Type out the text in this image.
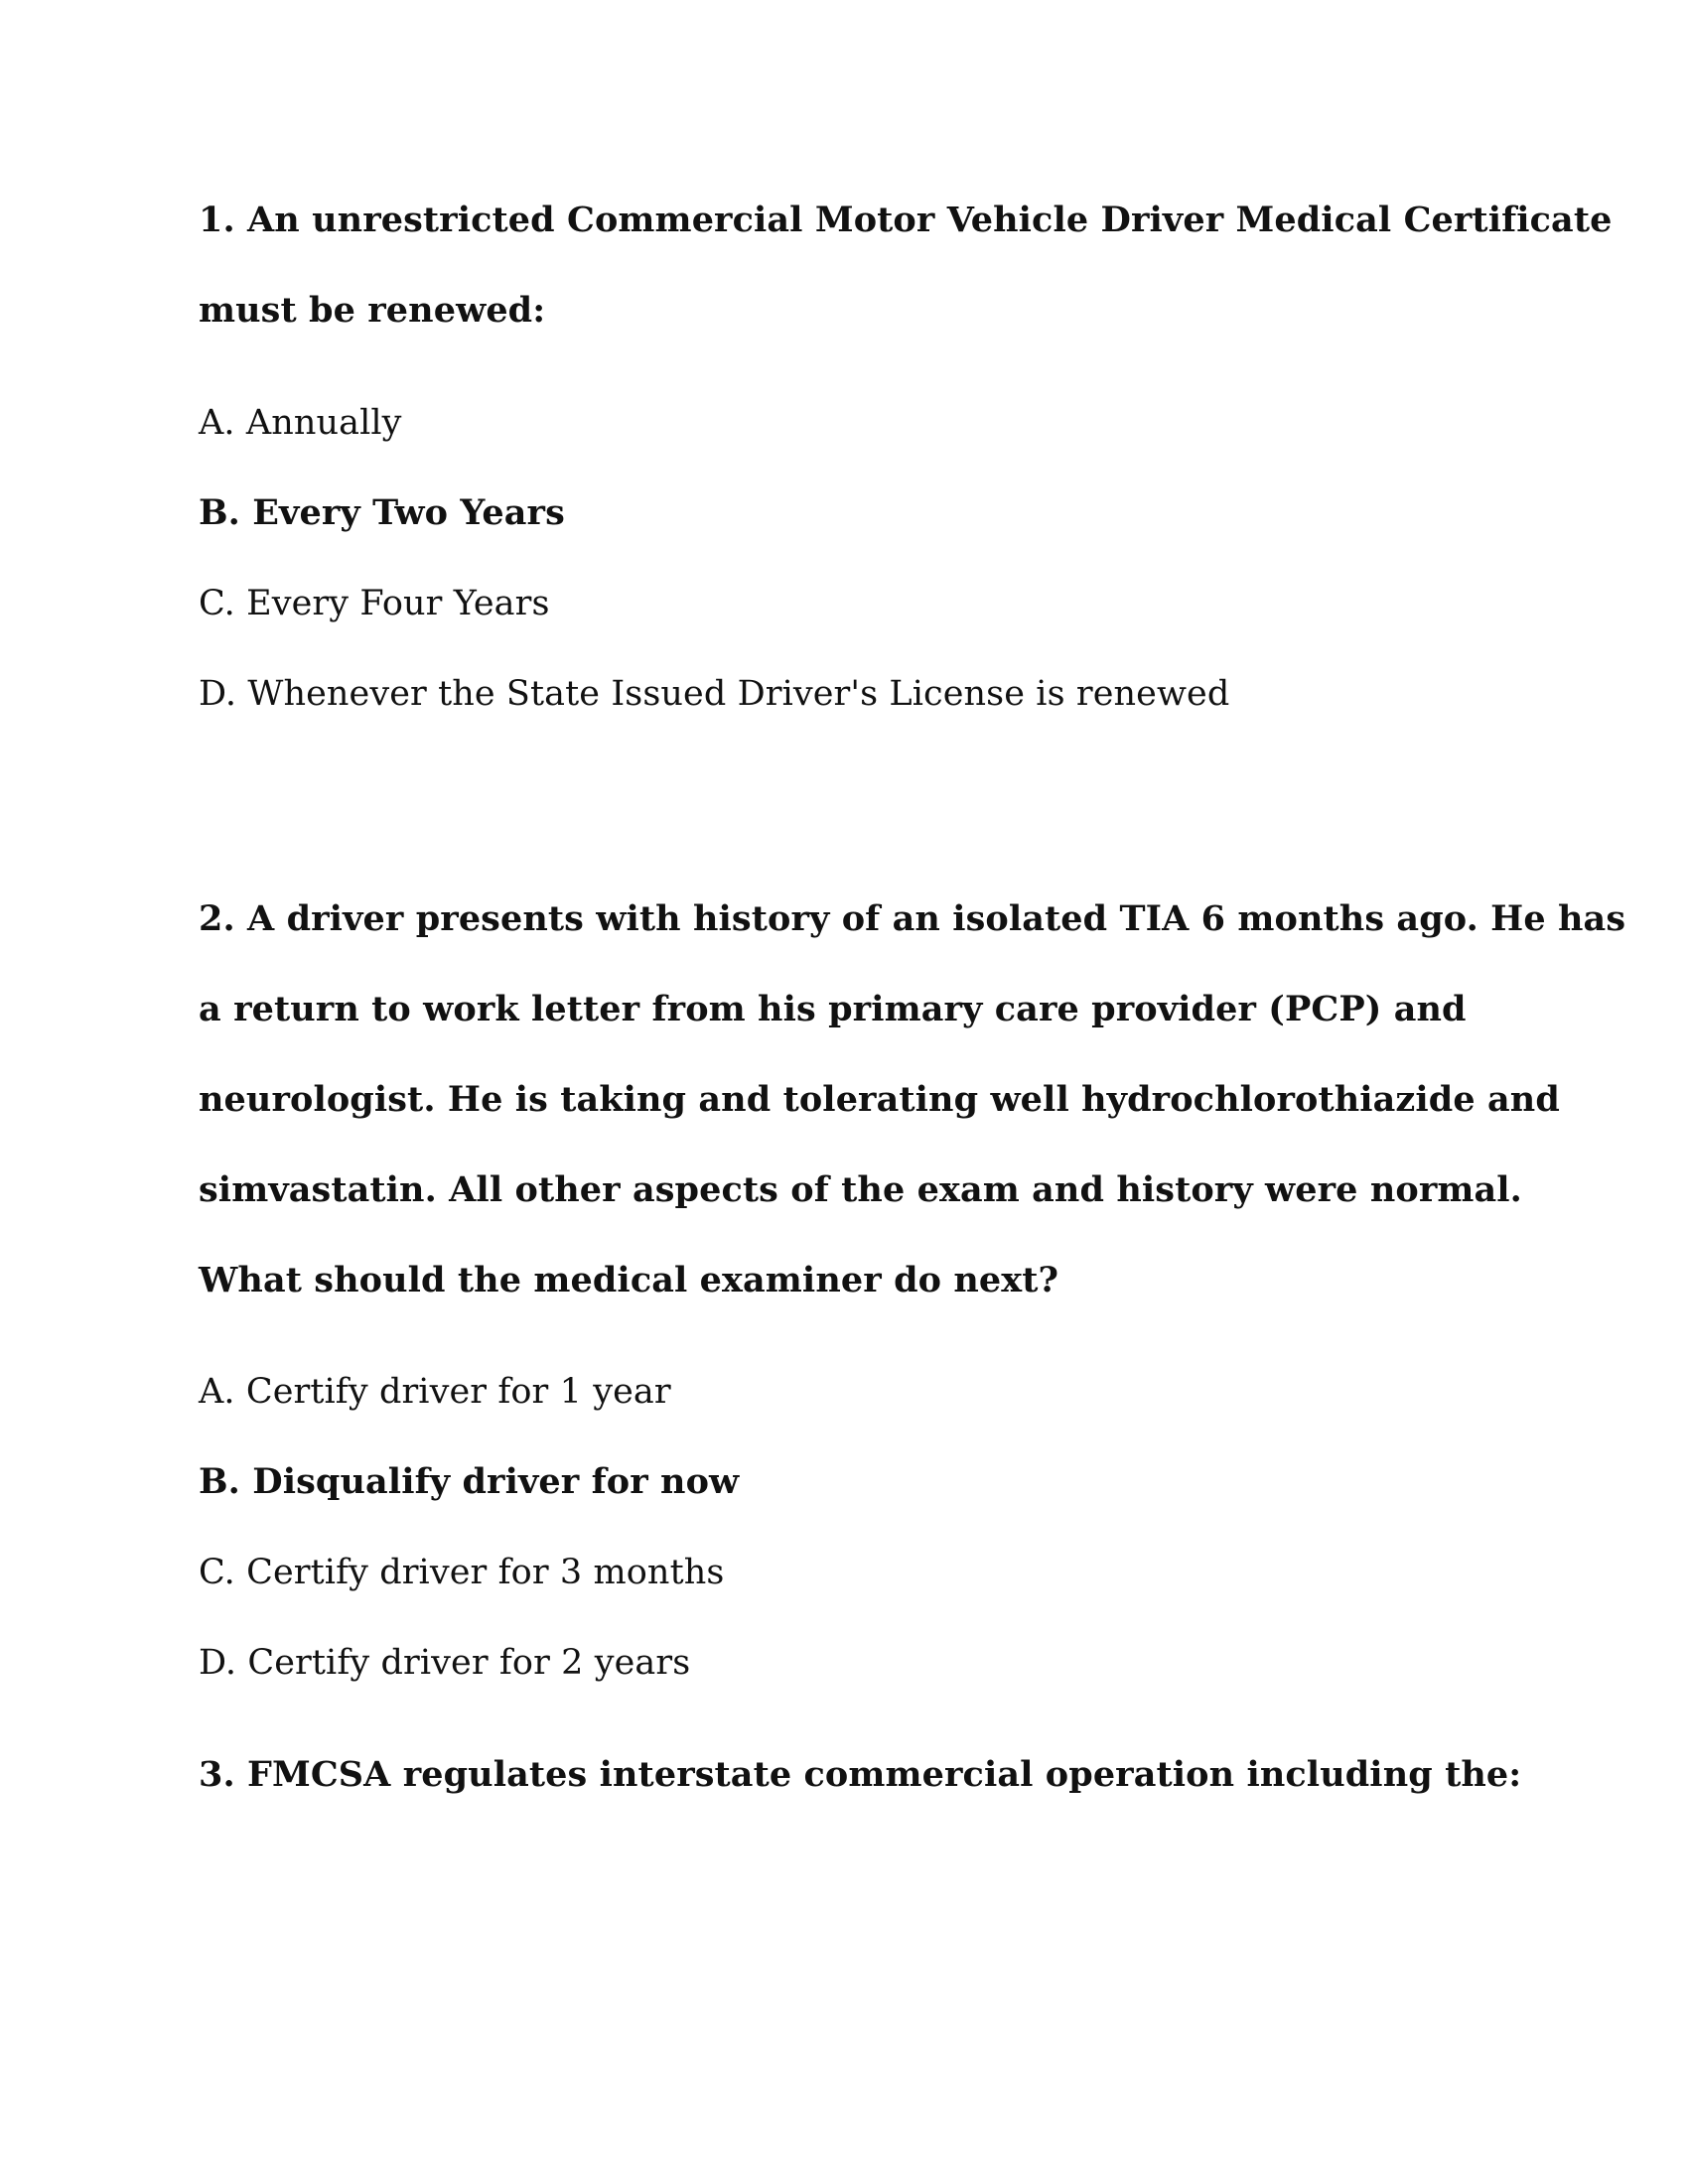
1. An unrestricted Commercial Motor Vehicle Driver Medical Certificate
must be renewed:
A. Annually
B. Every Two Years
C. Every Four Years
D. Whenever the State Issued Driver's License is renewed
2. A driver presents with history of an isolated TIA 6 months ago. He has
a return to work letter from his primary care provider (PCP) and
neurologist. He is taking and tolerating well hydrochlorothiazide and
simvastatin. All other aspects of the exam and history were normal.
What should the medical examiner do next?
A. Certify driver for 1 year
B. Disqualify driver for now
C. Certify driver for 3 months
D. Certify driver for 2 years
3. FMCSA regulates interstate commercial operation including the:
